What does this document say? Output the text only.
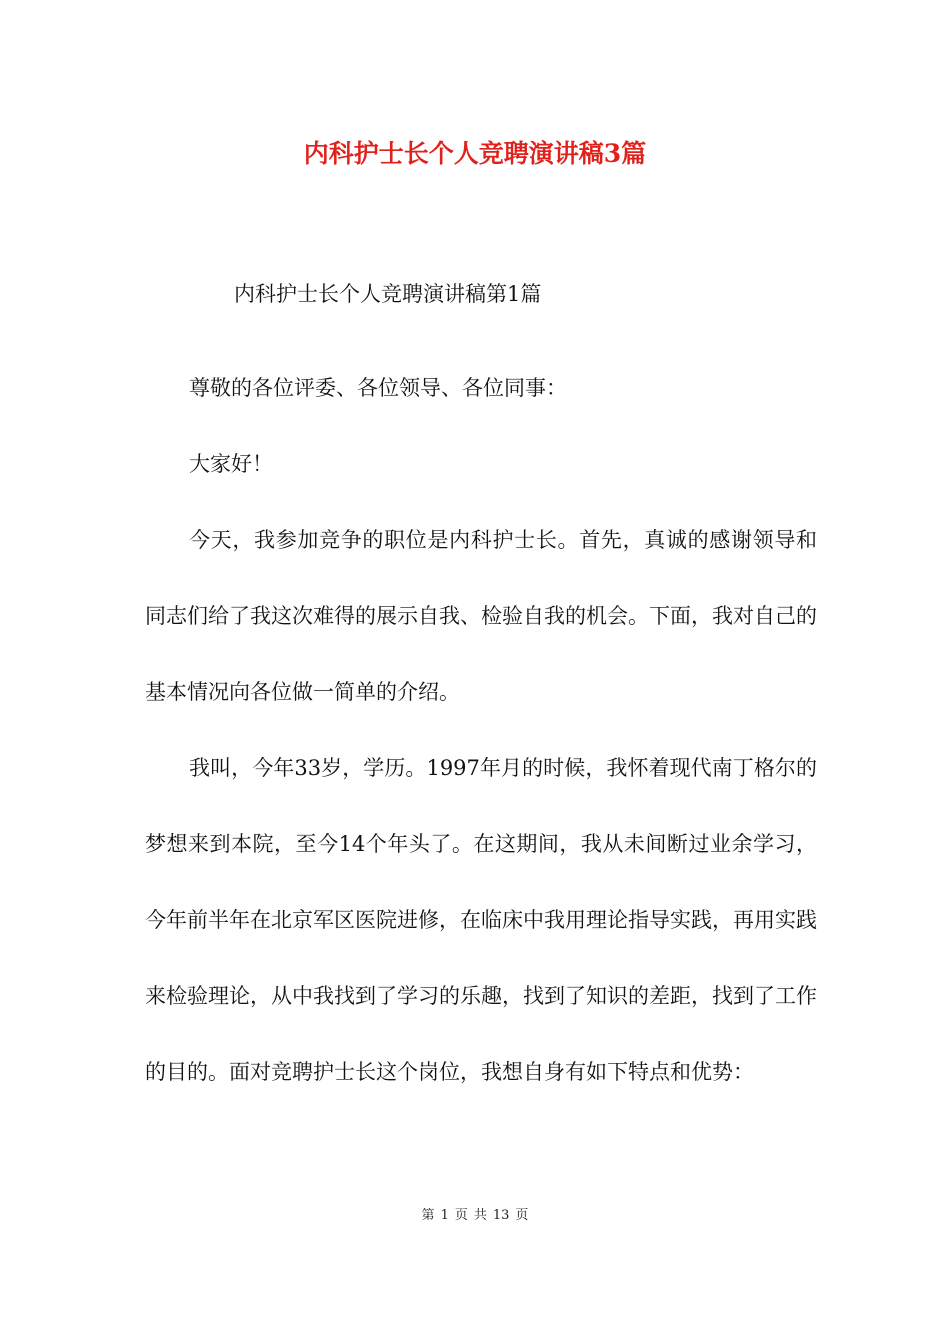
内科护士长个人竞聘演讲稿3篇
内科护士长个人竞聘演讲稿第1篇

尊敬的各位评委、各位领导、各位同事：

大家好！

今天，我参加竞争的职位是内科护士长。首先，真诚的感谢领导和同志们给了我这次难得的展示自我、检验自我的机会。下面，我对自己的基本情况向各位做一简单的介绍。

我叫，今年33岁，学历。1997年月的时候，我怀着现代南丁格尔的梦想来到本院，至今14个年头了。在这期间，我从未间断过业余学习，今年前半年在北京军区医院进修，在临床中我用理论指导实践，再用实践来检验理论，从中我找到了学习的乐趣，找到了知识的差距，找到了工作的目的。面对竞聘护士长这个岗位，我想自身有如下特点和优势：

第 1 页 共 13 页
